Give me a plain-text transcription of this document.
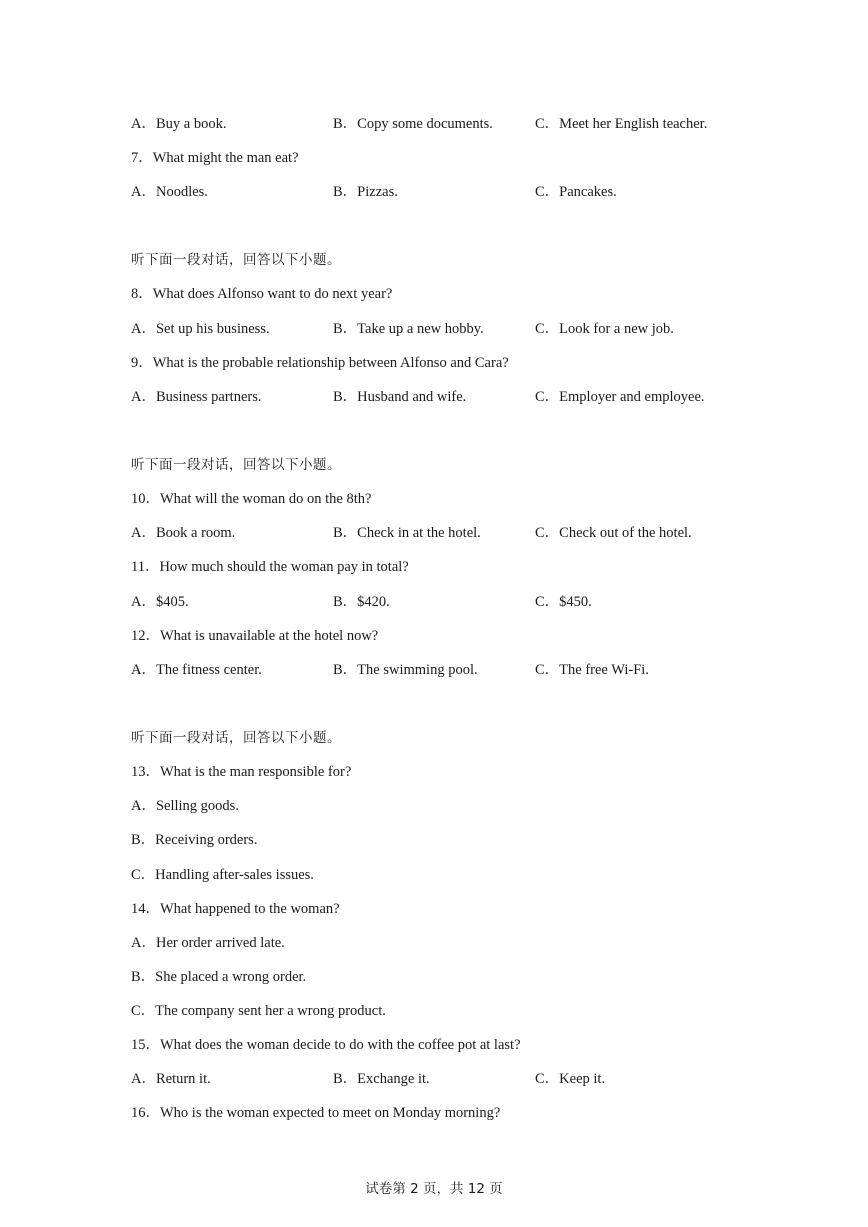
A．Buy a book.	B．Copy some documents.	C．Meet her English teacher.
7．What might the man eat?
A．Noodles.	B．Pizzas.	C．Pancakes.
听下面一段对话，回答以下小题。
8．What does Alfonso want to do next year?
A．Set up his business.	B．Take up a new hobby.	C．Look for a new job.
9．What is the probable relationship between Alfonso and Cara?
A．Business partners.	B．Husband and wife.	C．Employer and employee.
听下面一段对话，回答以下小题。
10．What will the woman do on the 8th?
A．Book a room.	B．Check in at the hotel.	C．Check out of the hotel.
11．How much should the woman pay in total?
A．$405.	B．$420.	C．$450.
12．What is unavailable at the hotel now?
A．The fitness center.	B．The swimming pool.	C．The free Wi-Fi.
听下面一段对话，回答以下小题。
13．What is the man responsible for?
A．Selling goods.
B．Receiving orders.
C．Handling after-sales issues.
14．What happened to the woman?
A．Her order arrived late.
B．She placed a wrong order.
C．The company sent her a wrong product.
15．What does the woman decide to do with the coffee pot at last?
A．Return it.	B．Exchange it.	C．Keep it.
16．Who is the woman expected to meet on Monday morning?
试卷第 2 页，共 12 页
